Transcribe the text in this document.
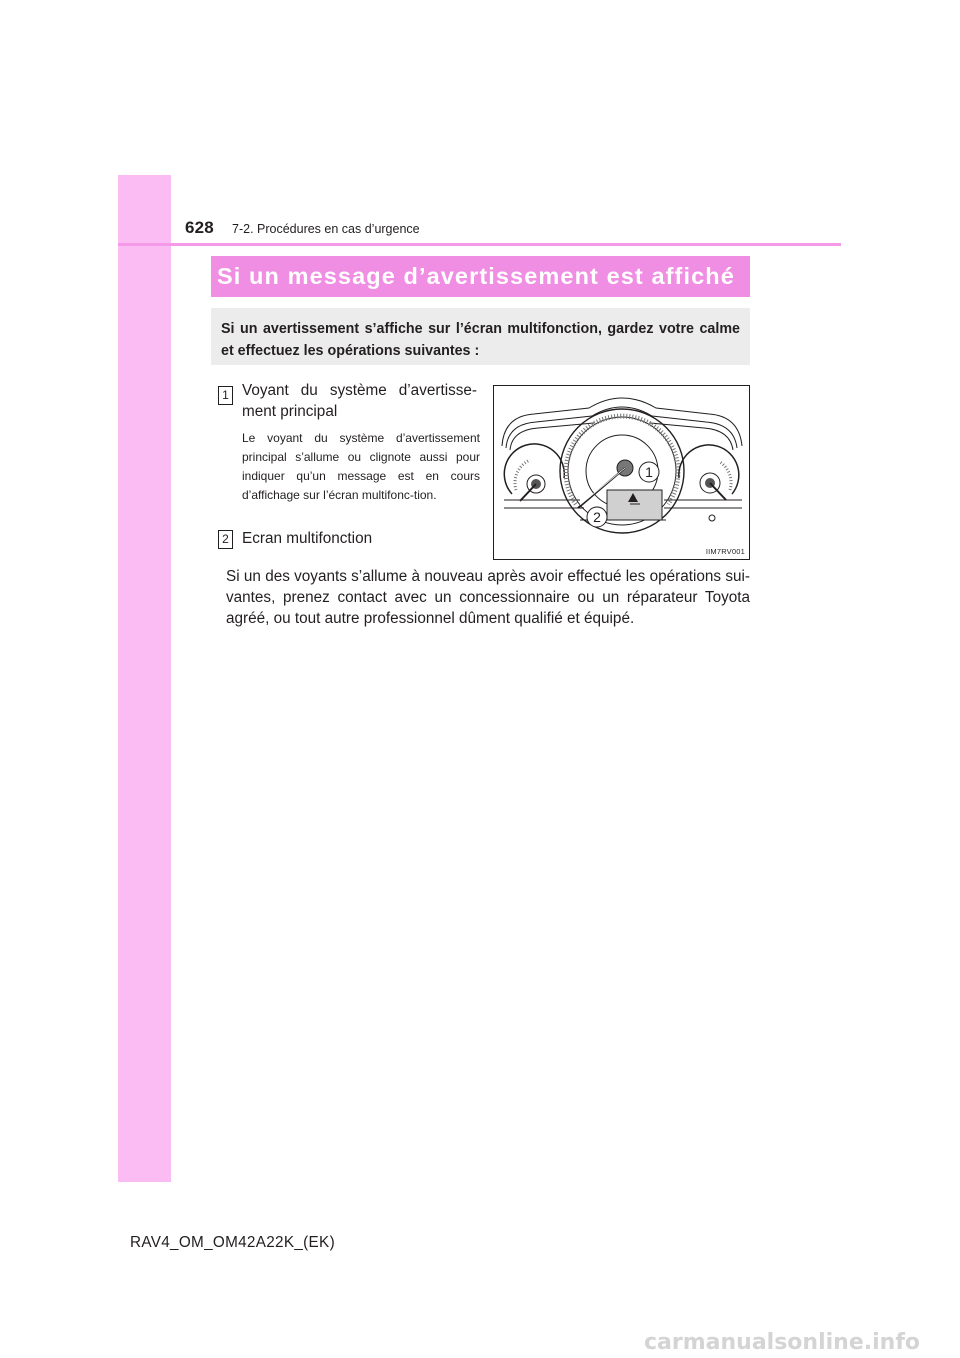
628 7-2. Procédures en cas d’urgence
Si un message d’avertissement est affiché
Si un avertissement s’affiche sur l’écran multifonction, gardez votre calme et effectuez les opérations suivantes :
1 Voyant du système d’avertisse-ment principal
Le voyant du système d’avertissement principal s’allume ou clignote aussi pour indiquer qu’un message est en cours d’affichage sur l’écran multifonc-tion.
2 Ecran multifonction
1
2
IIM7RV001
Si un des voyants s’allume à nouveau après avoir effectué les opérations sui-vantes, prenez contact avec un concessionnaire ou un réparateur Toyota agréé, ou tout autre professionnel dûment qualifié et équipé.
RAV4_OM_OM42A22K_(EK)
carmanualsonline.info
